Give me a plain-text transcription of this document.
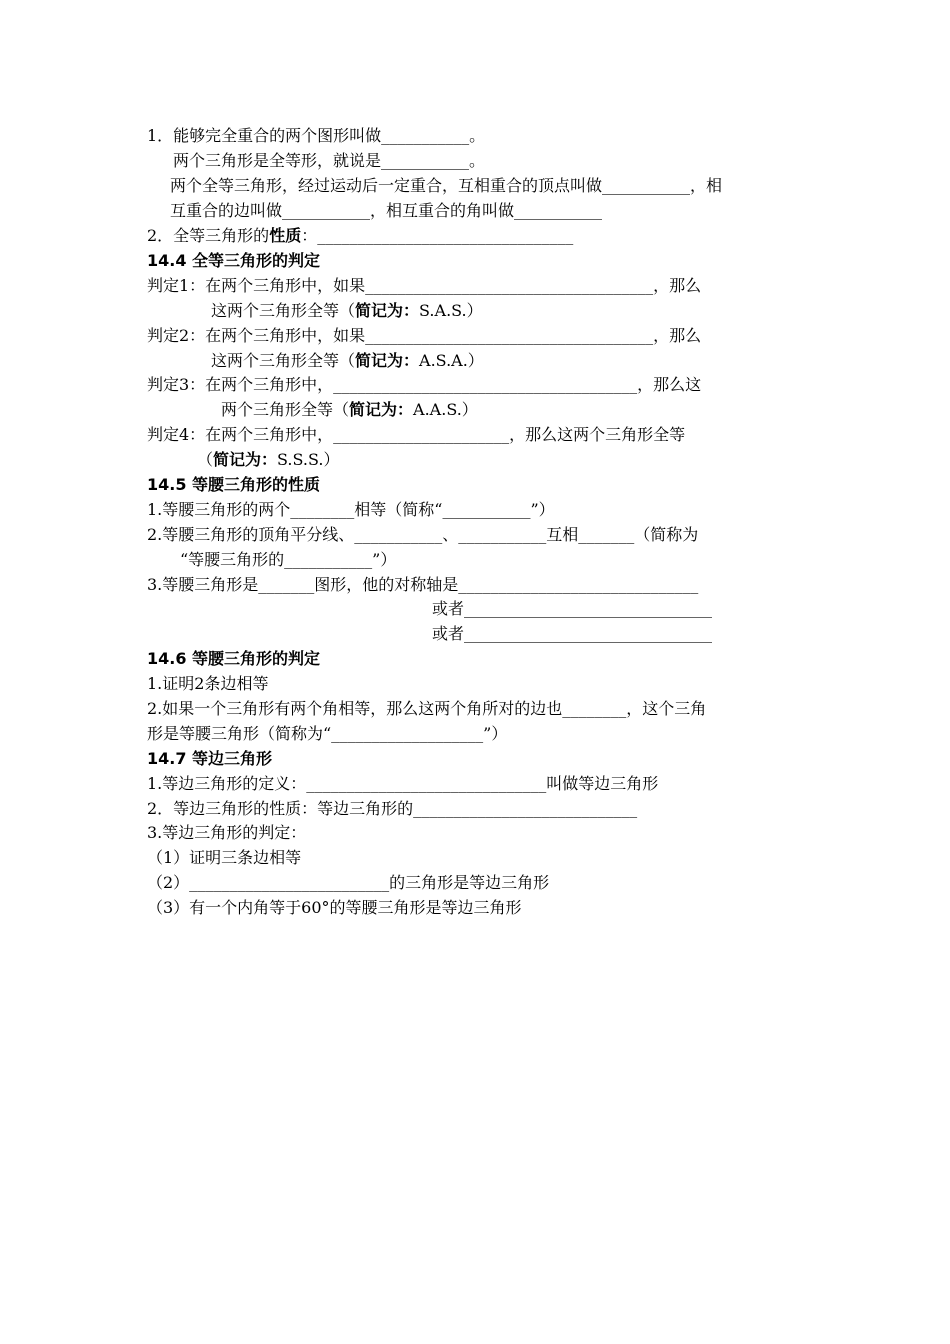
1．能够完全重合的两个图形叫做___________。
两个三角形是全等形，就说是___________。
两个全等三角形，经过运动后一定重合，互相重合的顶点叫做___________，相
互重合的边叫做___________，相互重合的角叫做___________
2．全等三角形的性质：________________________________
14.4 全等三角形的判定
判定1：在两个三角形中，如果____________________________________，那么
这两个三角形全等（简记为：S.A.S.）
判定2：在两个三角形中，如果____________________________________，那么
这两个三角形全等（简记为：A.S.A.）
判定3：在两个三角形中，______________________________________，那么这
两个三角形全等（简记为：A.A.S.）
判定4：在两个三角形中，______________________，那么这两个三角形全等
（简记为：S.S.S.）
14.5 等腰三角形的性质
1.等腰三角形的两个________相等（简称“___________”）
2.等腰三角形的顶角平分线、___________、___________互相_______（简称为
“等腰三角形的___________”）
3.等腰三角形是_______图形，他的对称轴是______________________________
或者_______________________________
或者_______________________________
14.6 等腰三角形的判定
1.证明2条边相等
2.如果一个三角形有两个角相等，那么这两个角所对的边也________，这个三角
形是等腰三角形（简称为“___________________”）
14.7 等边三角形
1.等边三角形的定义：______________________________叫做等边三角形
2．等边三角形的性质：等边三角形的____________________________
3.等边三角形的判定：
（1）证明三条边相等
（2）_________________________的三角形是等边三角形
（3）有一个内角等于60°的等腰三角形是等边三角形
